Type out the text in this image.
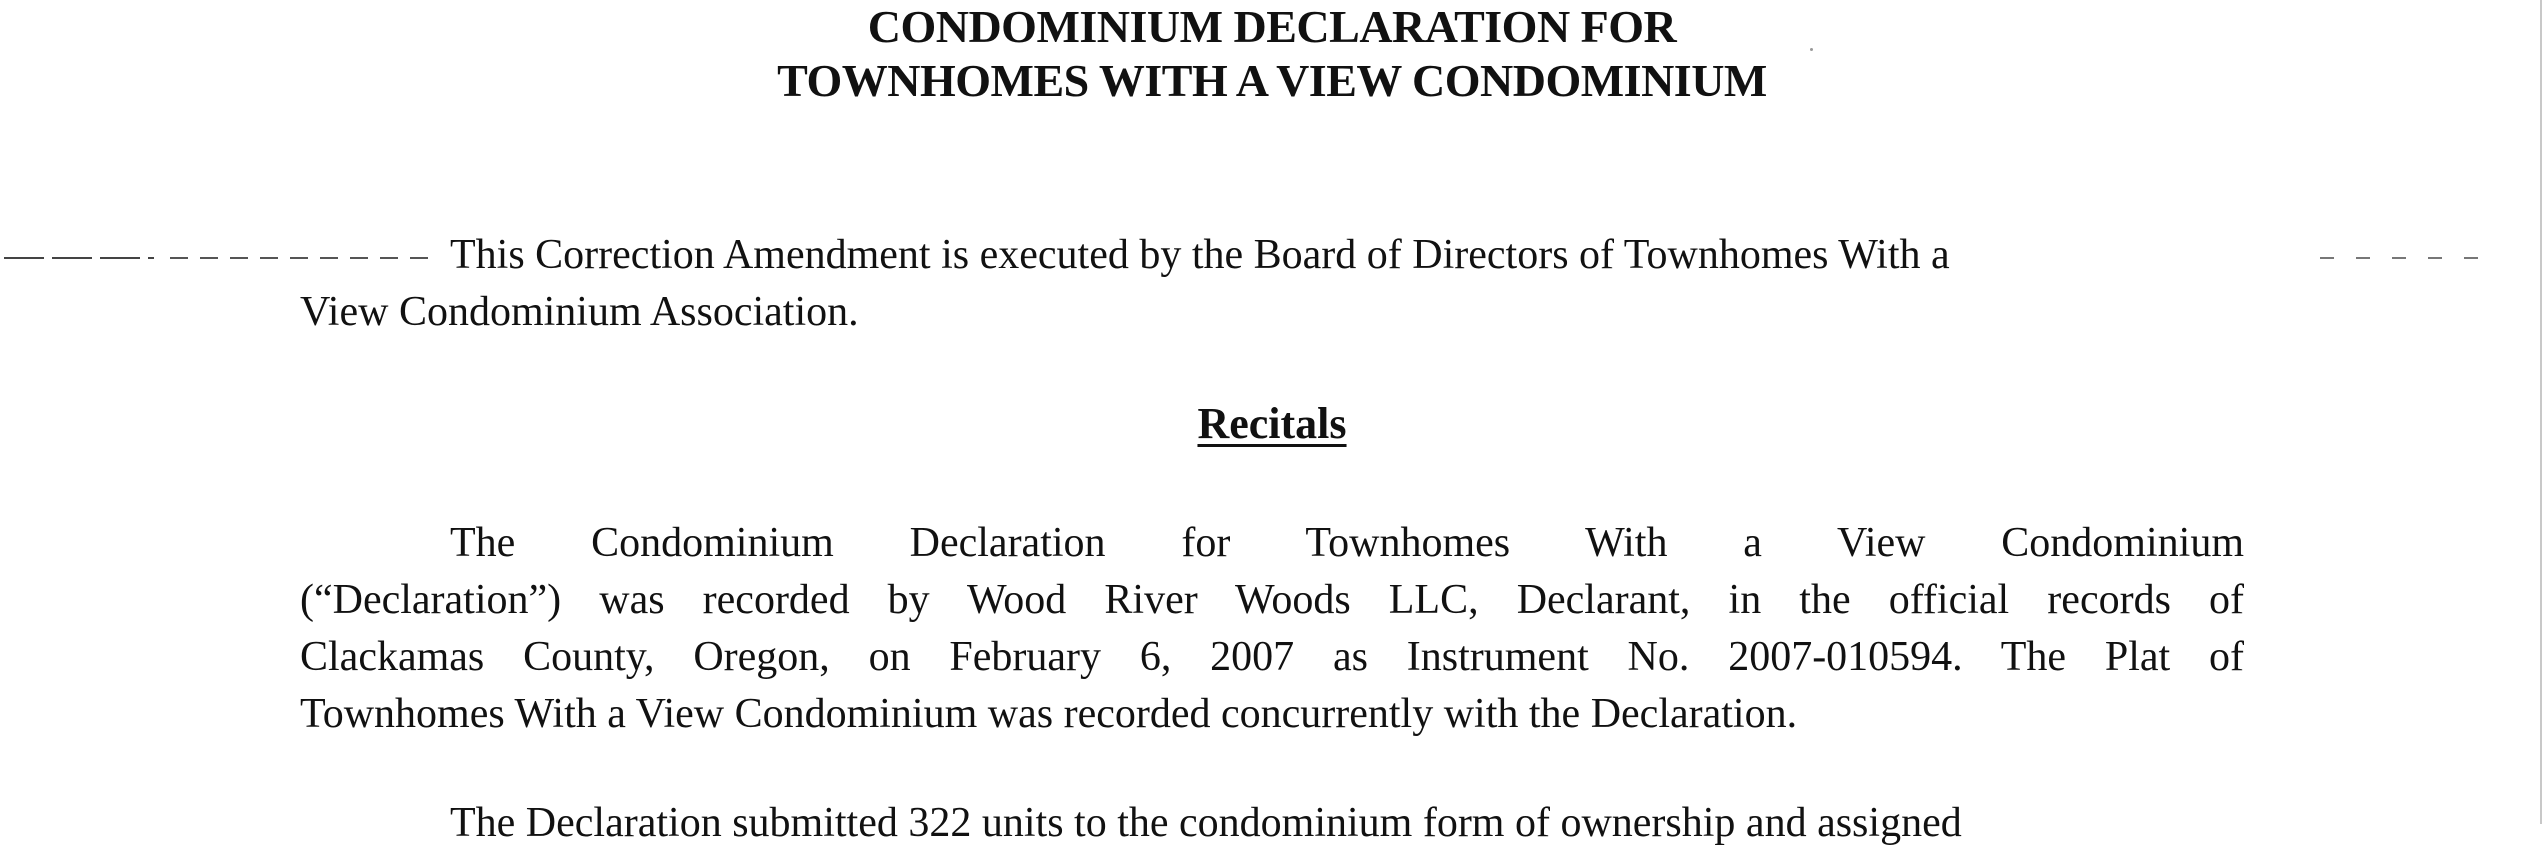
CONDOMINIUM DECLARATION FOR
TOWNHOMES WITH A VIEW CONDOMINIUM
This Correction Amendment is executed by the Board of Directors of Townhomes With a
View Condominium Association.
Recitals
The Condominium Declaration for Townhomes With a View Condominium
(“Declaration”) was recorded by Wood River Woods LLC, Declarant, in the official records of
Clackamas County, Oregon, on February 6, 2007 as Instrument No. 2007-010594. The Plat of
Townhomes With a View Condominium was recorded concurrently with the Declaration.
The Declaration submitted 322 units to the condominium form of ownership and assigned
